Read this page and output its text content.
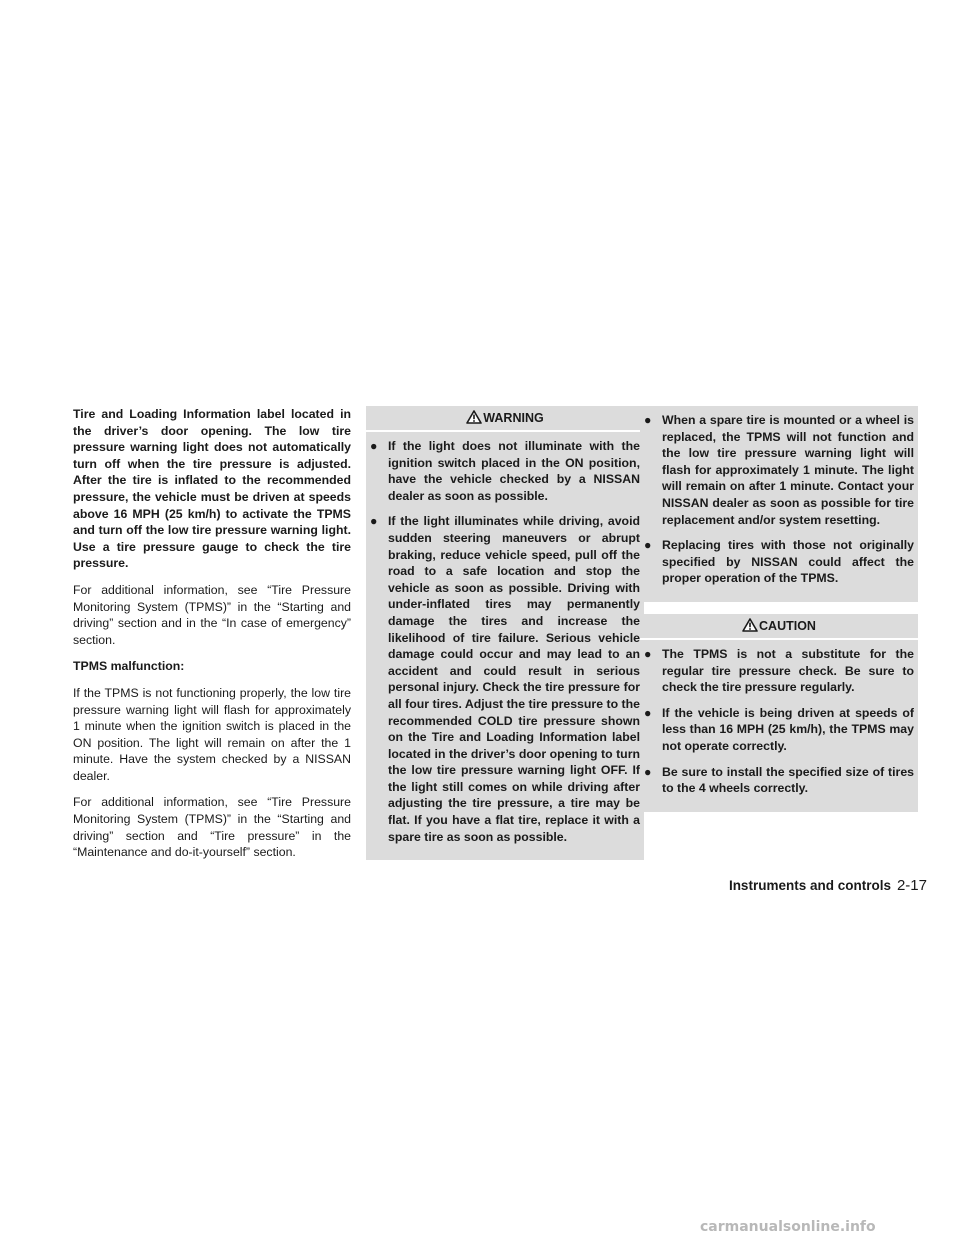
Tire and Loading Information label located in the driver’s door opening. The low tire pressure warning light does not automatically turn off when the tire pressure is adjusted. After the tire is inflated to the recommended pressure, the vehicle must be driven at speeds above 16 MPH (25 km/h) to activate the TPMS and turn off the low tire pressure warning light. Use a tire pressure gauge to check the tire pressure.

For additional information, see “Tire Pressure Monitoring System (TPMS)” in the “Starting and driving” section and in the “In case of emergency” section.

TPMS malfunction:

If the TPMS is not functioning properly, the low tire pressure warning light will flash for approximately 1 minute when the ignition switch is placed in the ON position. The light will remain on after the 1 minute. Have the system checked by a NISSAN dealer.

For additional information, see “Tire Pressure Monitoring System (TPMS)” in the “Starting and driving” section and “Tire pressure” in the “Maintenance and do-it-yourself” section.

WARNING
● If the light does not illuminate with the ignition switch placed in the ON position, have the vehicle checked by a NISSAN dealer as soon as possible.
● If the light illuminates while driving, avoid sudden steering maneuvers or abrupt braking, reduce vehicle speed, pull off the road to a safe location and stop the vehicle as soon as possible. Driving with under-inflated tires may permanently damage the tires and increase the likelihood of tire failure. Serious vehicle damage could occur and may lead to an accident and could result in serious personal injury. Check the tire pressure for all four tires. Adjust the tire pressure to the recommended COLD tire pressure shown on the Tire and Loading Information label located in the driver’s door opening to turn the low tire pressure warning light OFF. If the light still comes on while driving after adjusting the tire pressure, a tire may be flat. If you have a flat tire, replace it with a spare tire as soon as possible.
● When a spare tire is mounted or a wheel is replaced, the TPMS will not function and the low tire pressure warning light will flash for approximately 1 minute. The light will remain on after 1 minute. Contact your NISSAN dealer as soon as possible for tire replacement and/or system resetting.
● Replacing tires with those not originally specified by NISSAN could affect the proper operation of the TPMS.
CAUTION
● The TPMS is not a substitute for the regular tire pressure check. Be sure to check the tire pressure regularly.
● If the vehicle is being driven at speeds of less than 16 MPH (25 km/h), the TPMS may not operate correctly.
● Be sure to install the specified size of tires to the 4 wheels correctly.
Instruments and controls 2-17
carmanualsonline.info
